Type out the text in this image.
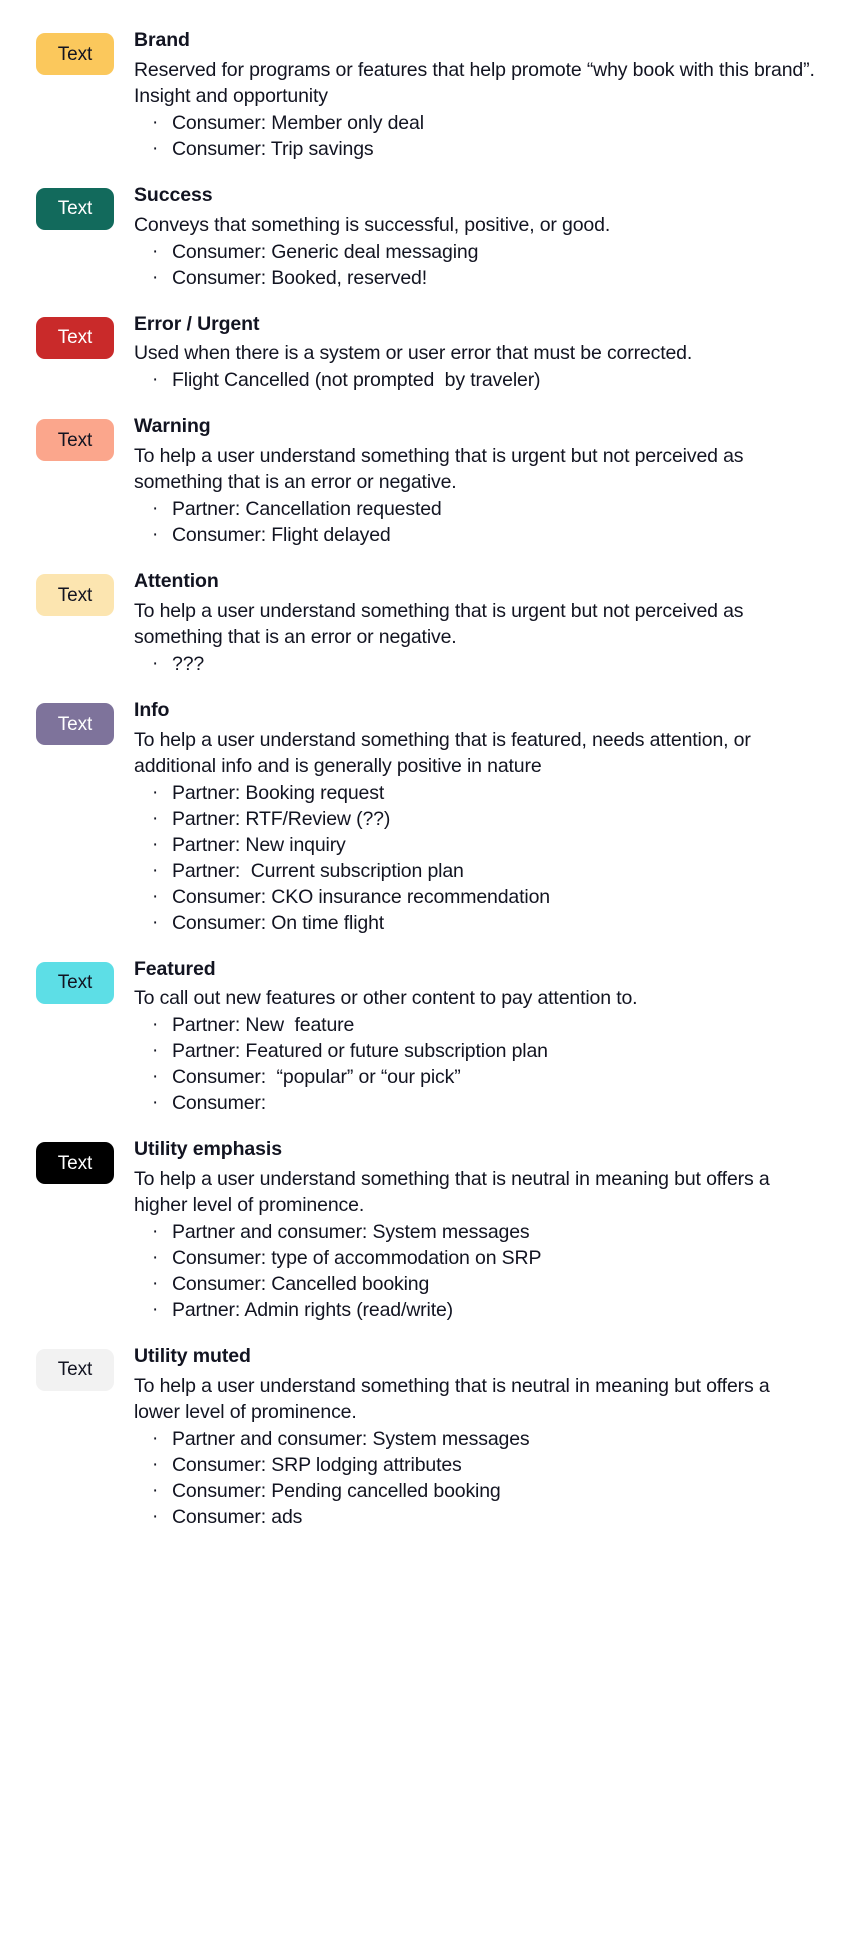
Text
Brand
Reserved for programs or features that help promote “why book with this brand”. Insight and opportunity
· Consumer: Member only deal
· Consumer: Trip savings
Text
Success
Conveys that something is successful, positive, or good.
· Consumer: Generic deal messaging
· Consumer: Booked, reserved!
Text
Error / Urgent
Used when there is a system or user error that must be corrected.
· Flight Cancelled (not prompted  by traveler)
Text
Warning
To help a user understand something that is urgent but not perceived as something that is an error or negative.
· Partner: Cancellation requested
· Consumer: Flight delayed
Text
Attention
To help a user understand something that is urgent but not perceived as something that is an error or negative.
· ???
Text
Info
To help a user understand something that is featured, needs attention, or additional info and is generally positive in nature
· Partner: Booking request
· Partner: RTF/Review (??)
· Partner: New inquiry
· Partner:  Current subscription plan
· Consumer: CKO insurance recommendation
· Consumer: On time flight
Text
Featured
To call out new features or other content to pay attention to.
· Partner: New  feature
· Partner: Featured or future subscription plan
· Consumer:  “popular” or “our pick”
· Consumer:
Text
Utility emphasis
To help a user understand something that is neutral in meaning but offers a higher level of prominence.
· Partner and consumer: System messages
· Consumer: type of accommodation on SRP
· Consumer: Cancelled booking
· Partner: Admin rights (read/write)
Text
Utility muted
To help a user understand something that is neutral in meaning but offers a lower level of prominence.
· Partner and consumer: System messages
· Consumer: SRP lodging attributes
· Consumer: Pending cancelled booking
· Consumer: ads
